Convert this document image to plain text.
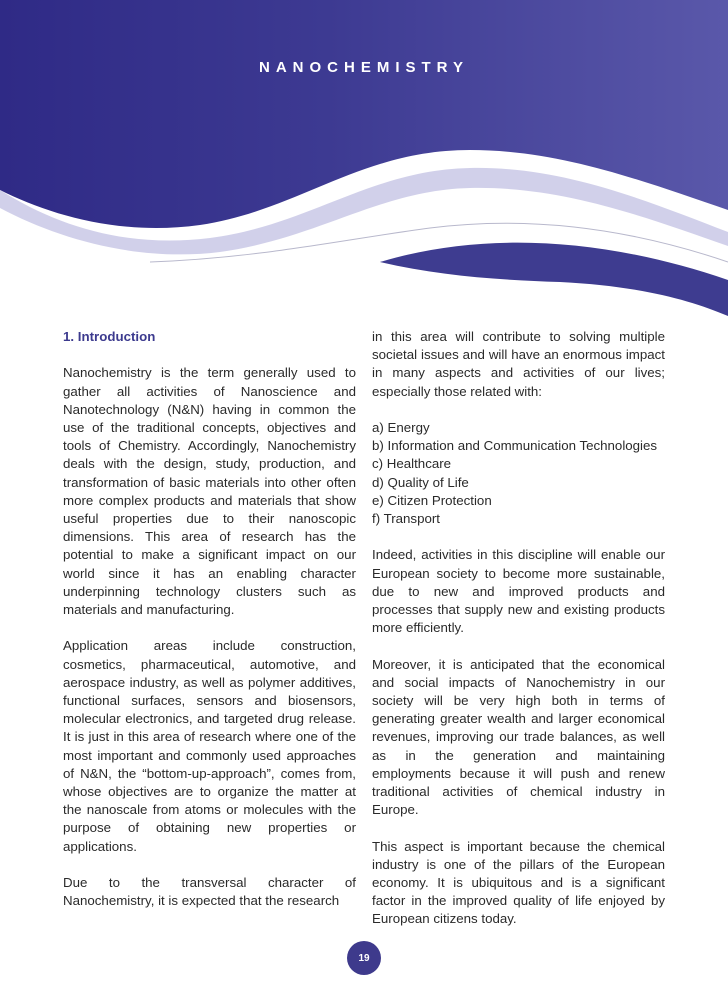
NANOCHEMISTRY
1. Introduction

Nanochemistry is the term generally used to gather all activities of Nanoscience and Nanotechnology (N&N) having in common the use of the traditional concepts, objectives and tools of Chemistry. Accordingly, Nanochemistry deals with the design, study, production, and transformation of basic materials into other often more complex products and materials that show useful properties due to their nanoscopic dimensions. This area of research has the potential to make a significant impact on our world since it has an enabling character underpinning technology clusters such as materials and manufacturing.

Application areas include construction, cosmetics, pharmaceutical, automotive, and aerospace industry, as well as polymer additives, functional surfaces, sensors and biosensors, molecular electronics, and targeted drug release. It is just in this area of research where one of the most important and commonly used approaches of N&N, the “bottom-up-approach”, comes from, whose objectives are to organize the matter at the nanoscale from atoms or molecules with the purpose of obtaining new properties or applications.

Due to the transversal character of Nanochemistry, it is expected that the research

in this area will contribute to solving multiple societal issues and will have an enormous impact in many aspects and activities of our lives; especially those related with:

a) Energy
b) Information and Communication Technologies
c) Healthcare
d) Quality of Life
e) Citizen Protection
f) Transport

Indeed, activities in this discipline will enable our European society to become more sustainable, due to new and improved products and processes that supply new and existing products more efficiently.

Moreover, it is anticipated that the economical and social impacts of Nanochemistry in our society will be very high both in terms of generating greater wealth and larger economical revenues, improving our trade balances, as well as in the generation and maintaining employments because it will push and renew traditional activities of chemical industry in Europe.

This aspect is important because the chemical industry is one of the pillars of the European economy. It is ubiquitous and is a significant factor in the improved quality of life enjoyed by European citizens today.

19
